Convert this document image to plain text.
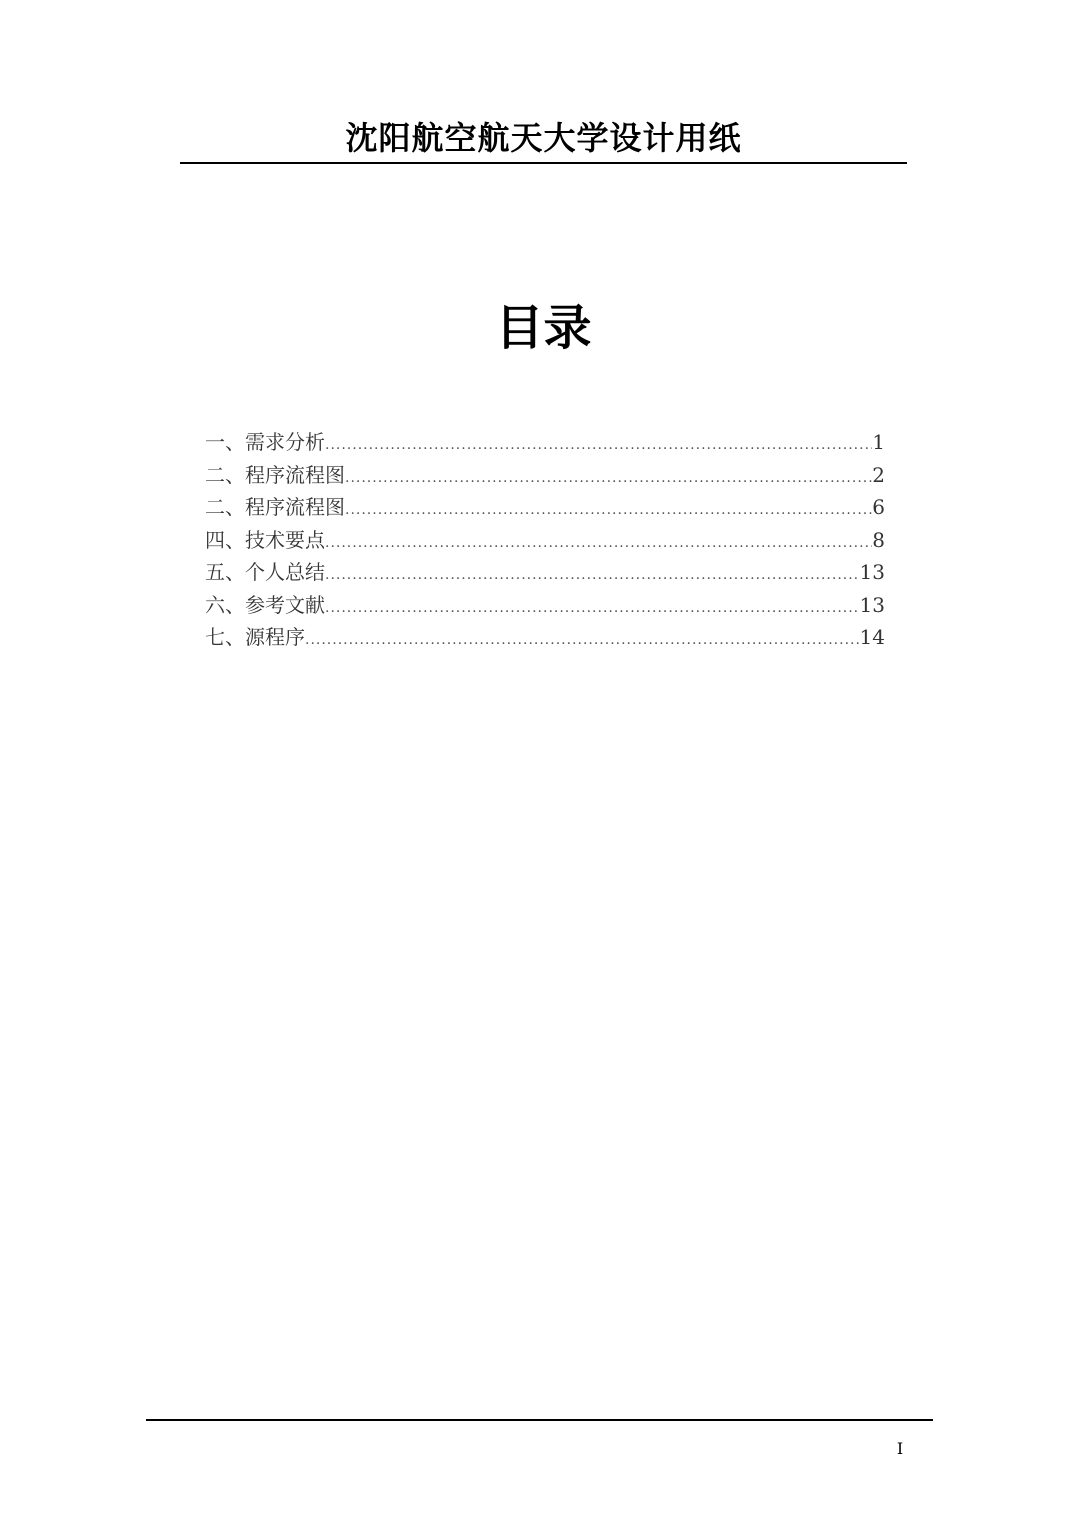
沈阳航空航天大学设计用纸
目录
一 、 需求分析 .....	1
二 、 程序流程图 .....	2
二 、 程序流程图 .....	6
四 、 技术要点 .....	8
五 、 个人总结 .....	13
六 、 参考文献 .....	13
七 、 源程序 .....	14
I
